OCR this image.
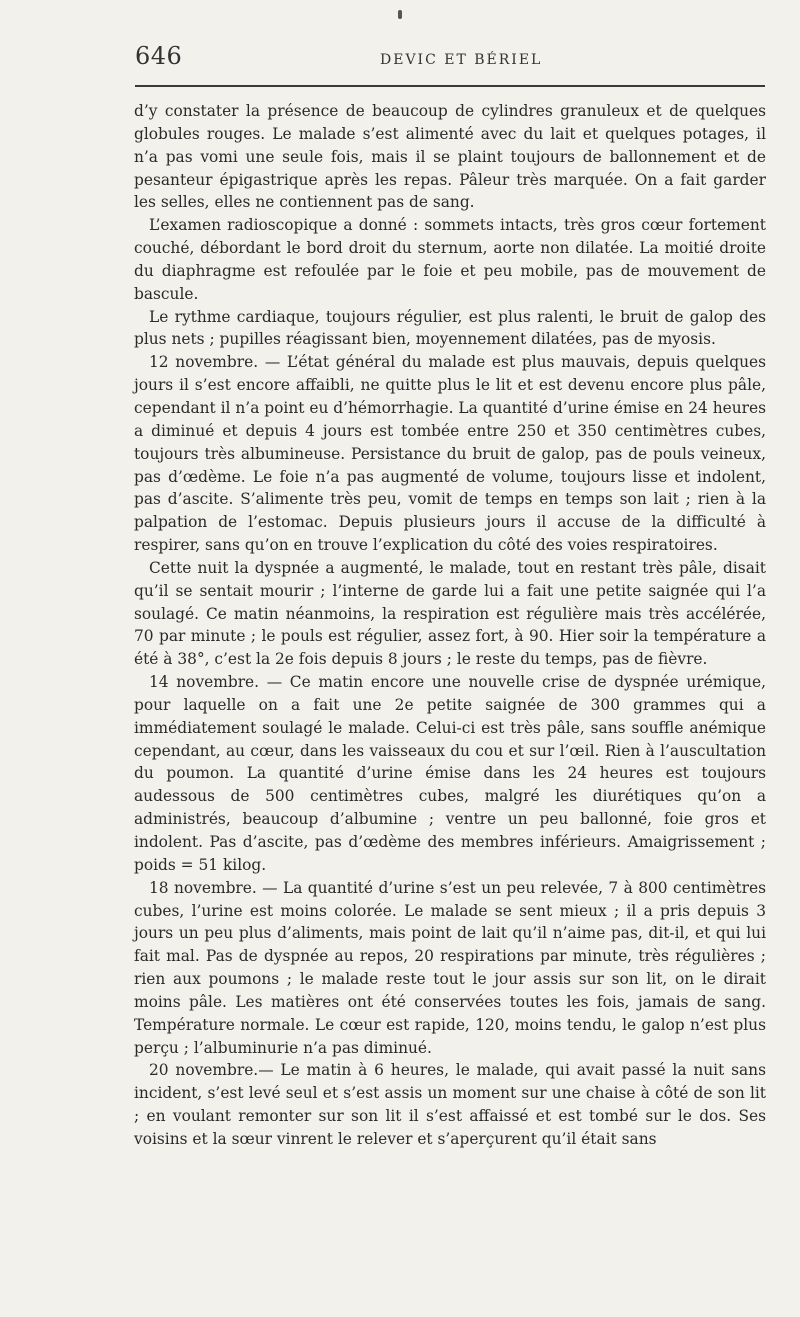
646	DEVIC ET BÉRIEL

d’y constater la présence de beaucoup de cylindres granuleux et de quelques globules rouges. Le malade s’est alimenté avec du lait et quelques potages, il n’a pas vomi une seule fois, mais il se plaint toujours de ballonnement et de pesanteur épigastrique après les repas. Pâleur très marquée. On a fait garder les selles, elles ne contiennent pas de sang.

L’examen radioscopique a donné : sommets intacts, très gros cœur fortement couché, débordant le bord droit du sternum, aorte non dilatée. La moitié droite du diaphragme est refoulée par le foie et peu mobile, pas de mouvement de bascule.

Le rythme cardiaque, toujours régulier, est plus ralenti, le bruit de galop des plus nets ; pupilles réagissant bien, moyennement dilatées, pas de myosis.

12 novembre. — L’état général du malade est plus mauvais, depuis quelques jours il s’est encore affaibli, ne quitte plus le lit et est devenu encore plus pâle, cependant il n’a point eu d’hémorrhagie. La quantité d’urine émise en 24 heures a diminué et depuis 4 jours est tombée entre 250 et 350 centimètres cubes, toujours très albumineuse. Persistance du bruit de galop, pas de pouls veineux, pas d’œdème. Le foie n’a pas augmenté de volume, toujours lisse et indolent, pas d’ascite. S’alimente très peu, vomit de temps en temps son lait ; rien à la palpation de l’estomac. Depuis plusieurs jours il accuse de la difficulté à respirer, sans qu’on en trouve l’explication du côté des voies respiratoires.

Cette nuit la dyspnée a augmenté, le malade, tout en restant très pâle, disait qu’il se sentait mourir ; l’interne de garde lui a fait une petite saignée qui l’a soulagé. Ce matin néanmoins, la respiration est régulière mais très accélérée, 70 par minute ; le pouls est régulier, assez fort, à 90. Hier soir la température a été à 38°, c’est la 2e fois depuis 8 jours ; le reste du temps, pas de fièvre.

14 novembre. — Ce matin encore une nouvelle crise de dyspnée urémique, pour laquelle on a fait une 2e petite saignée de 300 grammes qui a immédiatement soulagé le malade. Celui-ci est très pâle, sans souffle anémique cependant, au cœur, dans les vaisseaux du cou et sur l’œil. Rien à l’auscultation du poumon. La quantité d’urine émise dans les 24 heures est toujours audessous de 500 centimètres cubes, malgré les diurétiques qu’on a administrés, beaucoup d’albumine ; ventre un peu ballonné, foie gros et indolent. Pas d’ascite, pas d’œdème des membres inférieurs. Amaigrissement ; poids = 51 kilog.

18 novembre. — La quantité d’urine s’est un peu relevée, 7 à 800 centimètres cubes, l’urine est moins colorée. Le malade se sent mieux ; il a pris depuis 3 jours un peu plus d’aliments, mais point de lait qu’il n’aime pas, dit-il, et qui lui fait mal. Pas de dyspnée au repos, 20 respirations par minute, très régulières ; rien aux poumons ; le malade reste tout le jour assis sur son lit, on le dirait moins pâle. Les matières ont été conservées toutes les fois, jamais de sang. Température normale. Le cœur est rapide, 120, moins tendu, le galop n’est plus perçu ; l’albuminurie n’a pas diminué.

20 novembre.— Le matin à 6 heures, le malade, qui avait passé la nuit sans incident, s’est levé seul et s’est assis un moment sur une chaise à côté de son lit ; en voulant remonter sur son lit il s’est affaissé et est tombé sur le dos. Ses voisins et la sœur vinrent le relever et s’aperçurent qu’il était sans
